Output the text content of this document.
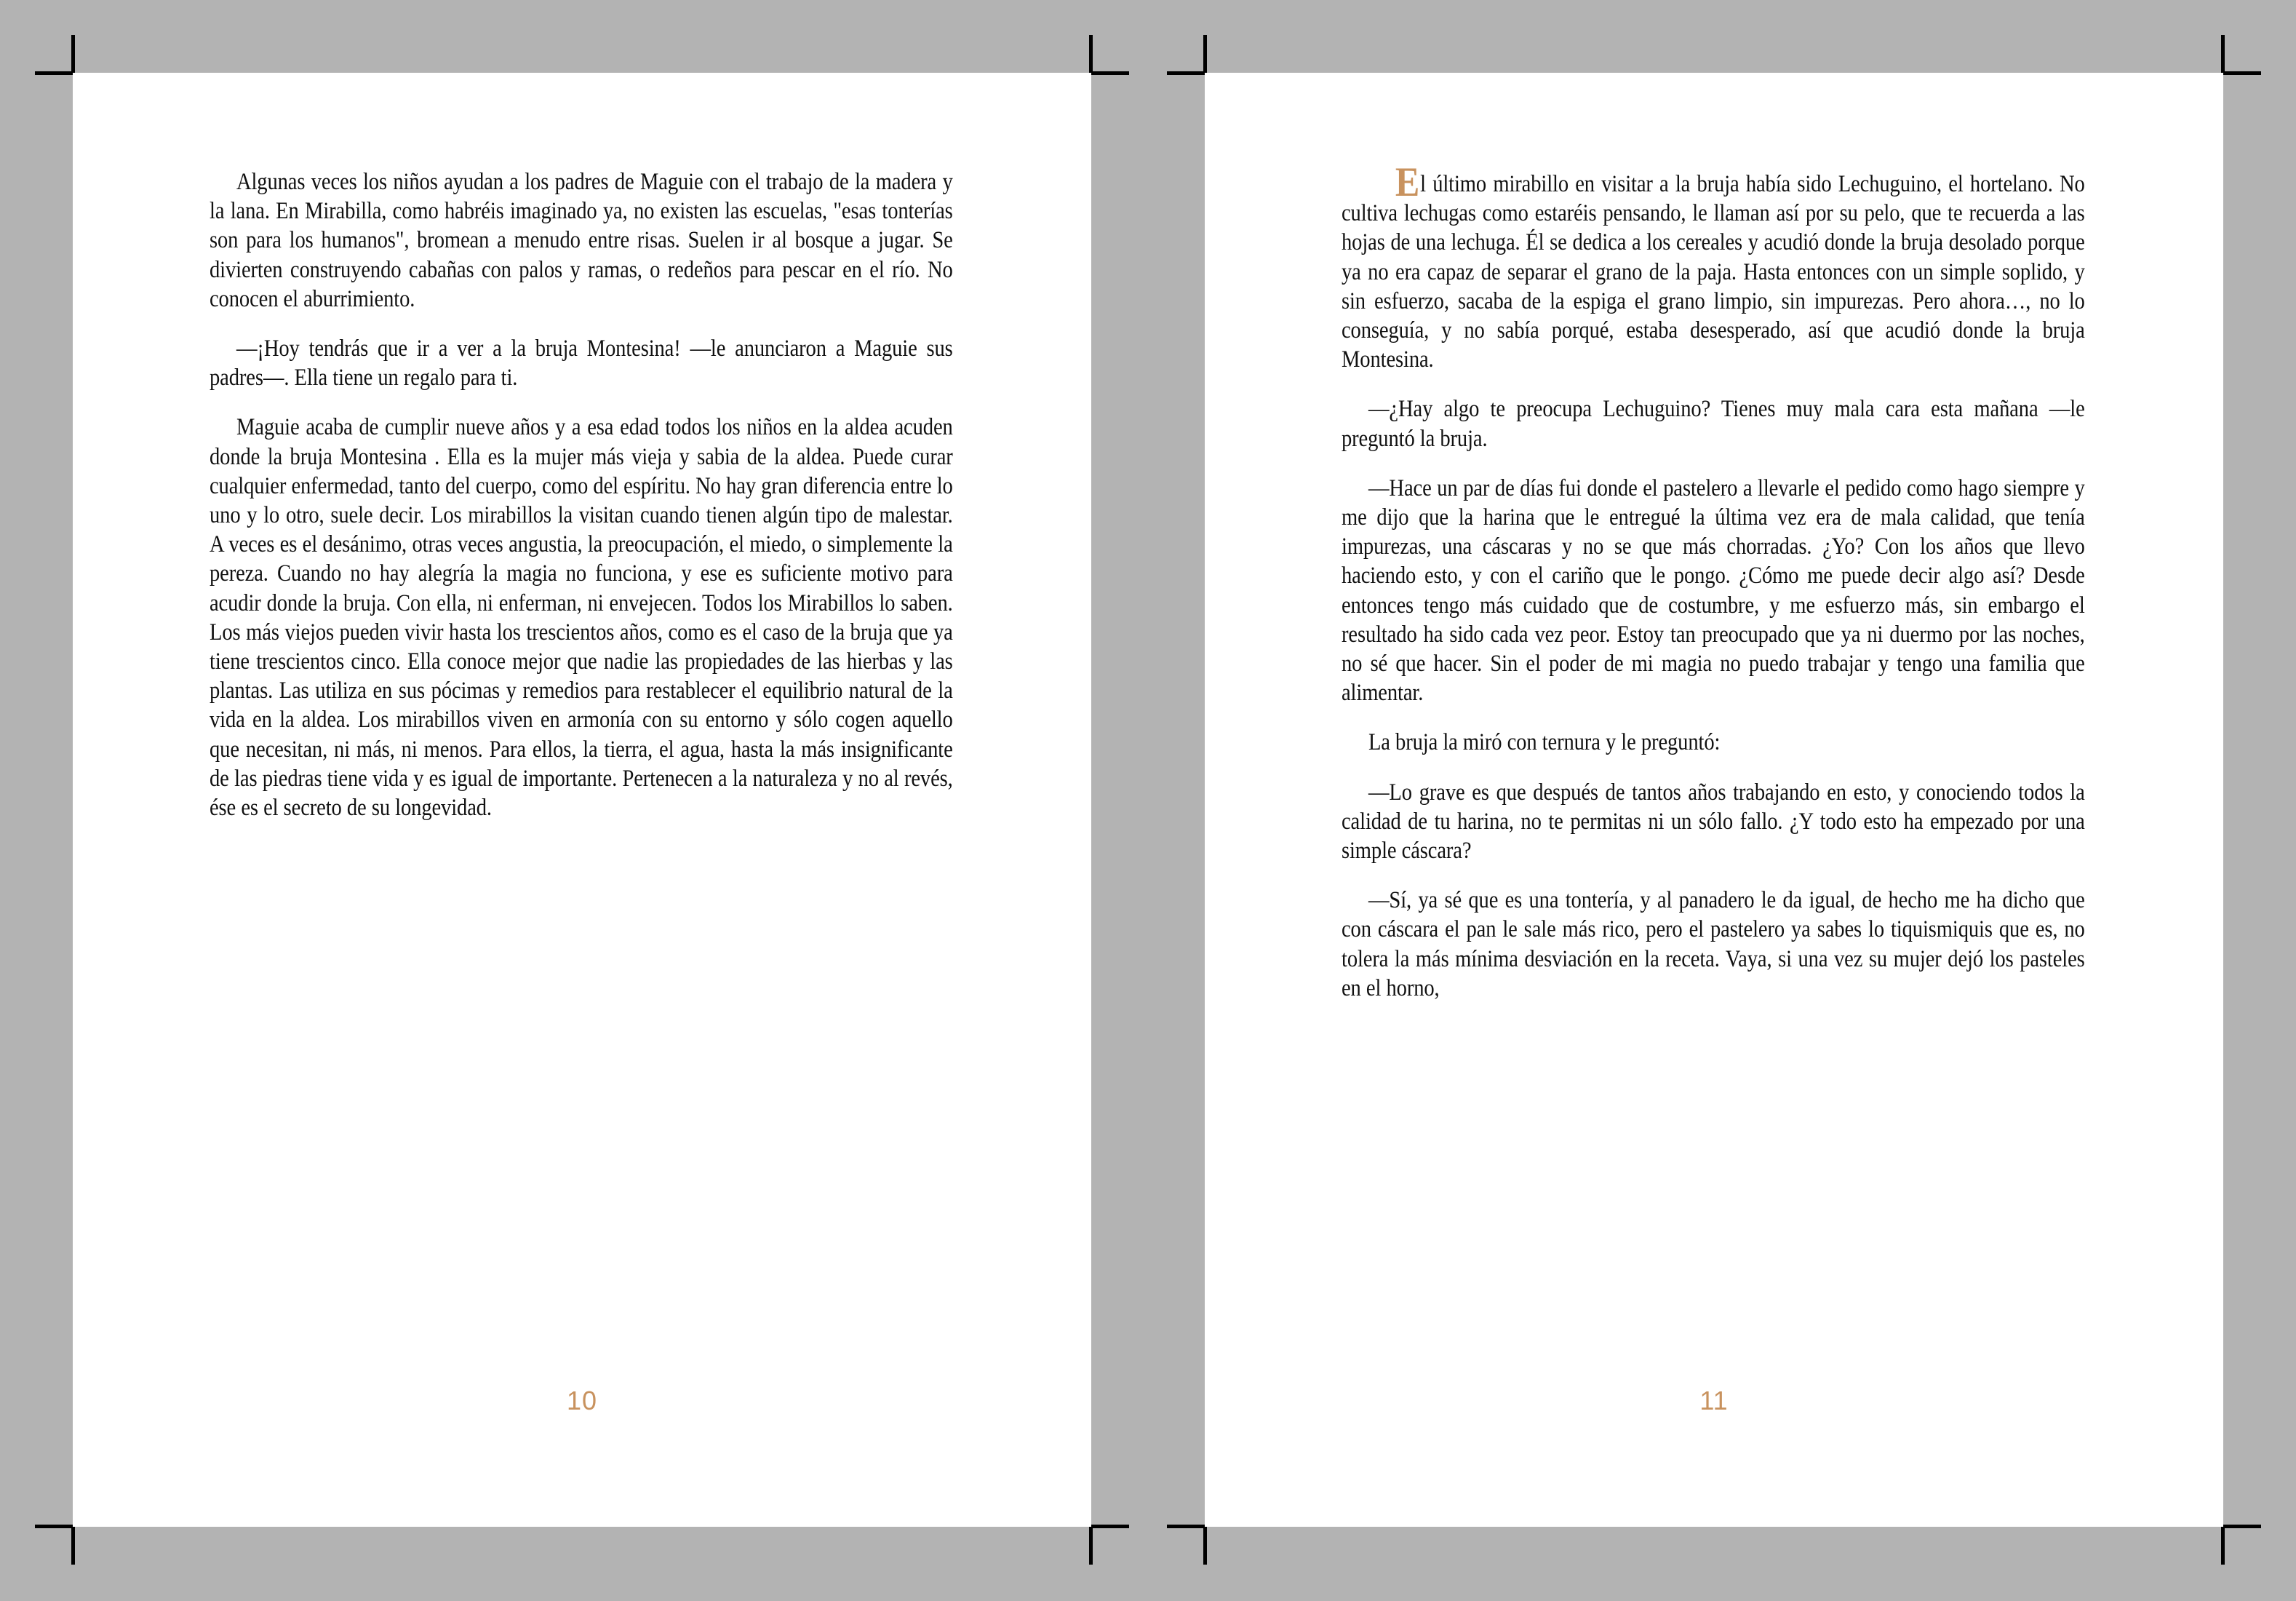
Algunas veces los niños ayudan a los padres de Maguie con el trabajo de la madera y la lana. En Mirabilla, como habréis imaginado ya, no existen las escuelas, "esas tonterías son para los humanos", bromean a menudo entre risas. Suelen ir al bosque a jugar. Se divierten construyendo cabañas con palos y ramas, o redeños para pescar en el río. No conocen el aburrimiento.

—¡Hoy tendrás que ir a ver a la bruja Montesina! —le anunciaron a Maguie sus padres—. Ella tiene un regalo para ti.

Maguie acaba de cumplir nueve años y a esa edad todos los niños en la aldea acuden donde la bruja Montesina . Ella es la mujer más vieja y sabia de la aldea. Puede curar cualquier enfermedad, tanto del cuerpo, como del espíritu. No hay gran diferencia entre lo uno y lo otro, suele decir. Los mirabillos la visitan cuando tienen algún tipo de malestar. A veces es el desánimo, otras veces angustia, la preocupación, el miedo, o simplemente la pereza. Cuando no hay alegría la magia no funciona, y ese es suficiente motivo para acudir donde la bruja. Con ella, ni enferman, ni envejecen. Todos los Mirabillos lo saben. Los más viejos pueden vivir hasta los trescientos años, como es el caso de la bruja que ya tiene trescientos cinco. Ella conoce mejor que nadie las propiedades de las hierbas y las plantas. Las utiliza en sus pócimas y remedios para restablecer el equilibrio natural de la vida en la aldea. Los mirabillos viven en armonía con su entorno y sólo cogen aquello que necesitan, ni más, ni menos. Para ellos, la tierra, el agua, hasta la más insignificante de las piedras tiene vida y es igual de importante. Pertenecen a la naturaleza y no al revés, ése es el secreto de su longevidad.

10

El último mirabillo en visitar a la bruja había sido Lechuguino, el hortelano. No cultiva lechugas como estaréis pensando, le llaman así por su pelo, que te recuerda a las hojas de una lechuga. Él se dedica a los cereales y acudió donde la bruja desolado porque ya no era capaz de separar el grano de la paja. Hasta entonces con un simple soplido, y sin esfuerzo, sacaba de la espiga el grano limpio, sin impurezas. Pero ahora…, no lo conseguía, y no sabía porqué, estaba desesperado, así que acudió donde la bruja Montesina.

—¿Hay algo te preocupa Lechuguino? Tienes muy mala cara esta mañana —le preguntó la bruja.

—Hace un par de días fui donde el pastelero a llevarle el pedido como hago siempre y me dijo que la harina que le entregué la última vez era de mala calidad, que tenía impurezas, una cáscaras y no se que más chorradas. ¿Yo? Con los años que llevo haciendo esto, y con el cariño que le pongo. ¿Cómo me puede decir algo así? Desde entonces tengo más cuidado que de costumbre, y me esfuerzo más, sin embargo el resultado ha sido cada vez peor. Estoy tan preocupado que ya ni duermo por las noches, no sé que hacer. Sin el poder de mi magia no puedo trabajar y tengo una familia que alimentar.

La bruja la miró con ternura y le preguntó:

—Lo grave es que después de tantos años trabajando en esto, y conociendo todos la calidad de tu harina, no te permitas ni un sólo fallo. ¿Y todo esto ha empezado por una simple cáscara?

—Sí, ya sé que es una tontería, y al panadero le da igual, de hecho me ha dicho que con cáscara el pan le sale más rico, pero el pastelero ya sabes lo tiquismiquis que es, no tolera la más mínima desviación en la receta. Vaya, si una vez su mujer dejó los pasteles en el horno,

11
